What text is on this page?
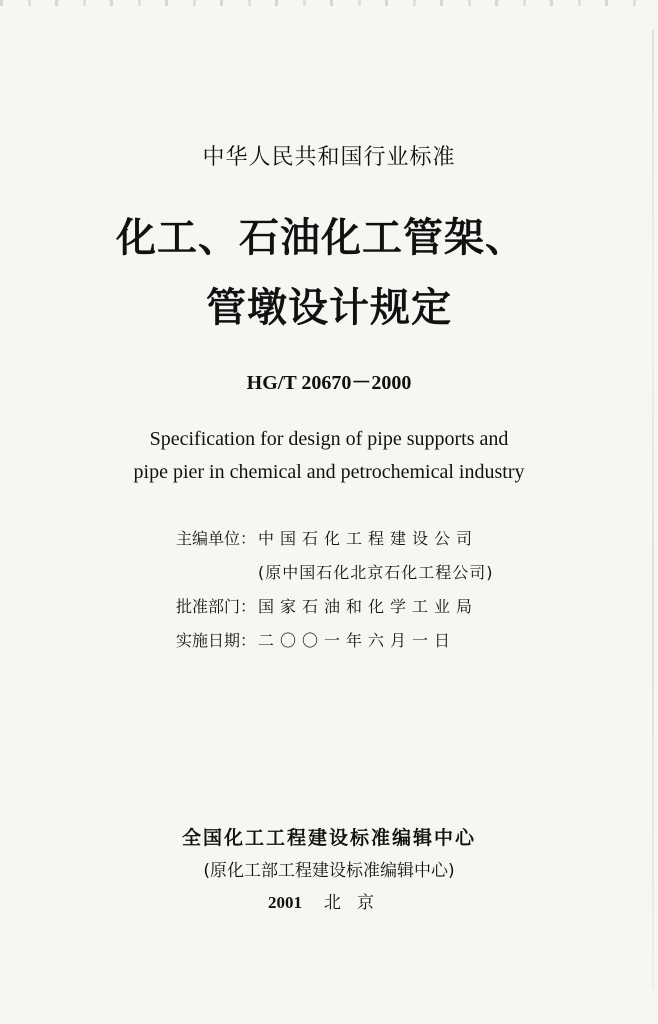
中华人民共和国行业标准
化工、石油化工管架、
管墩设计规定
HG/T 20670－2000
Specification for design of pipe supports and
pipe pier in chemical and petrochemical industry
主编单位： 中国石化工程建设公司
(原中国石化北京石化工程公司)
批准部门： 国家石油和化学工业局
实施日期： 二〇〇一年六月一日
全国化工工程建设标准编辑中心
(原化工部工程建设标准编辑中心)
2001 北京
